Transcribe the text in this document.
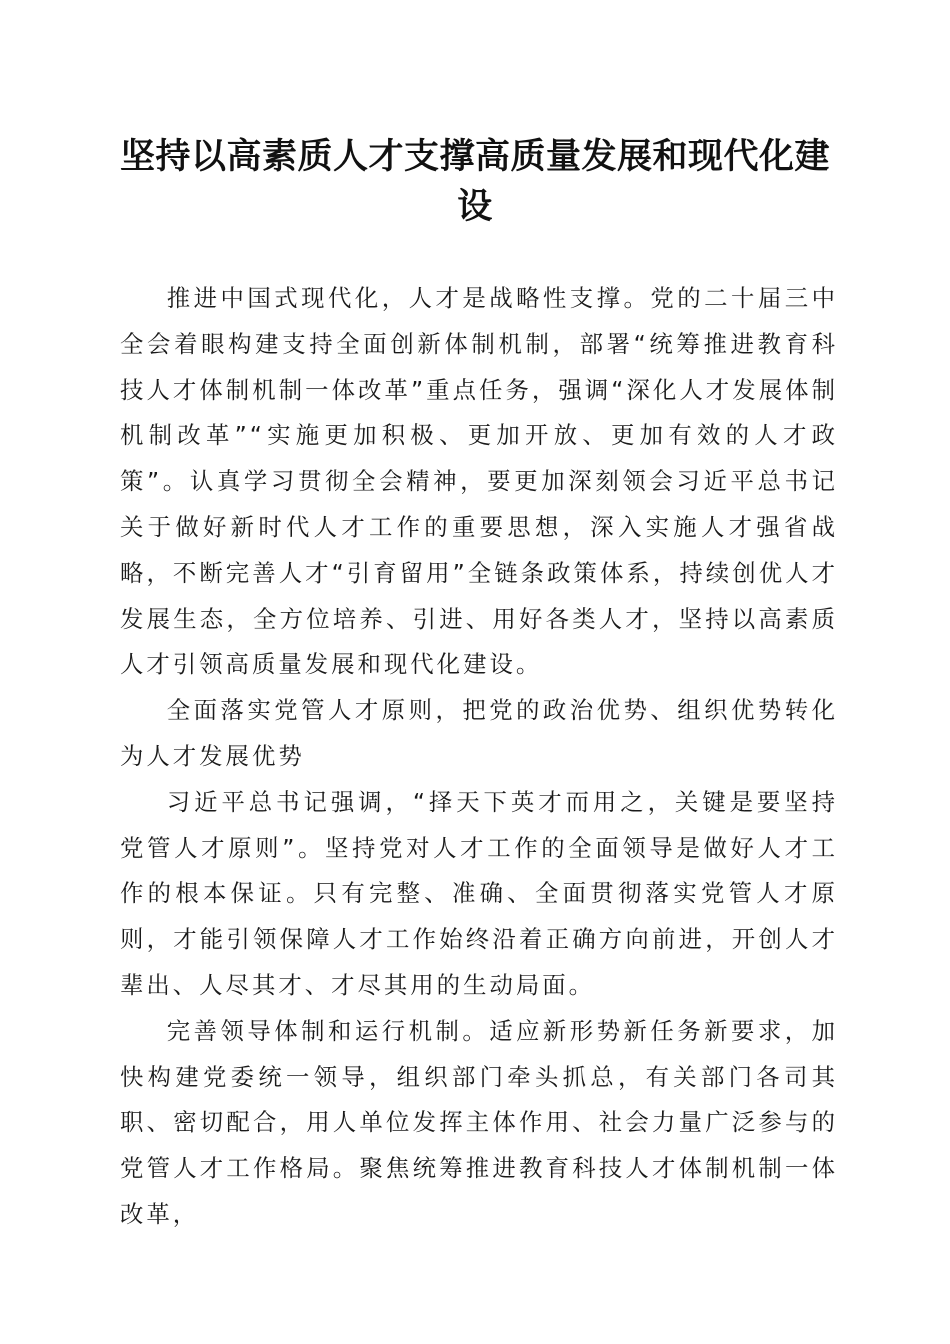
坚持以高素质人才支撑高质量发展和现代化建设

推进中国式现代化，人才是战略性支撑。党的二十届三中全会着眼构建支持全面创新体制机制，部署“统筹推进教育科技人才体制机制一体改革”重点任务，强调“深化人才发展体制机制改革”“实施更加积极、更加开放、更加有效的人才政策”。认真学习贯彻全会精神，要更加深刻领会习近平总书记关于做好新时代人才工作的重要思想，深入实施人才强省战略，不断完善人才“引育留用”全链条政策体系，持续创优人才发展生态，全方位培养、引进、用好各类人才，坚持以高素质人才引领高质量发展和现代化建设。

全面落实党管人才原则，把党的政治优势、组织优势转化为人才发展优势

习近平总书记强调，“择天下英才而用之，关键是要坚持党管人才原则”。坚持党对人才工作的全面领导是做好人才工作的根本保证。只有完整、准确、全面贯彻落实党管人才原则，才能引领保障人才工作始终沿着正确方向前进，开创人才辈出、人尽其才、才尽其用的生动局面。

完善领导体制和运行机制。适应新形势新任务新要求，加快构建党委统一领导，组织部门牵头抓总，有关部门各司其职、密切配合，用人单位发挥主体作用、社会力量广泛参与的党管人才工作格局。聚焦统筹推进教育科技人才体制机制一体改革，
